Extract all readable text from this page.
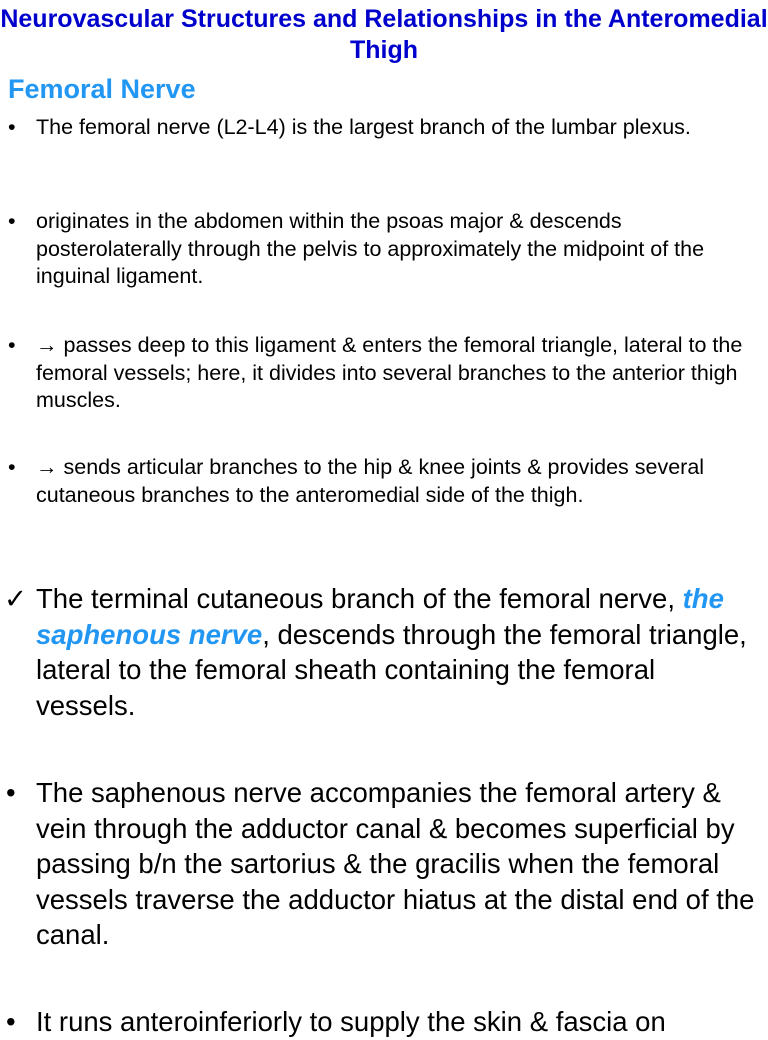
Neurovascular Structures and Relationships in the Anteromedial Thigh
Femoral Nerve
• The femoral nerve (L2-L4) is the largest branch of the lumbar plexus.
• originates in the abdomen within the psoas major & descends posterolaterally through the pelvis to approximately the midpoint of the inguinal ligament.
• → passes deep to this ligament & enters the femoral triangle, lateral to the femoral vessels; here, it divides into several branches to the anterior thigh muscles.
• → sends articular branches to the hip & knee joints & provides several cutaneous branches to the anteromedial side of the thigh.
✓ The terminal cutaneous branch of the femoral nerve, the saphenous nerve, descends through the femoral triangle, lateral to the femoral sheath containing the femoral vessels.
• The saphenous nerve accompanies the femoral artery & vein through the adductor canal & becomes superficial by passing b/n the sartorius & the gracilis when the femoral vessels traverse the adductor hiatus at the distal end of the canal.
• It runs anteroinferiorly to supply the skin & fascia on
